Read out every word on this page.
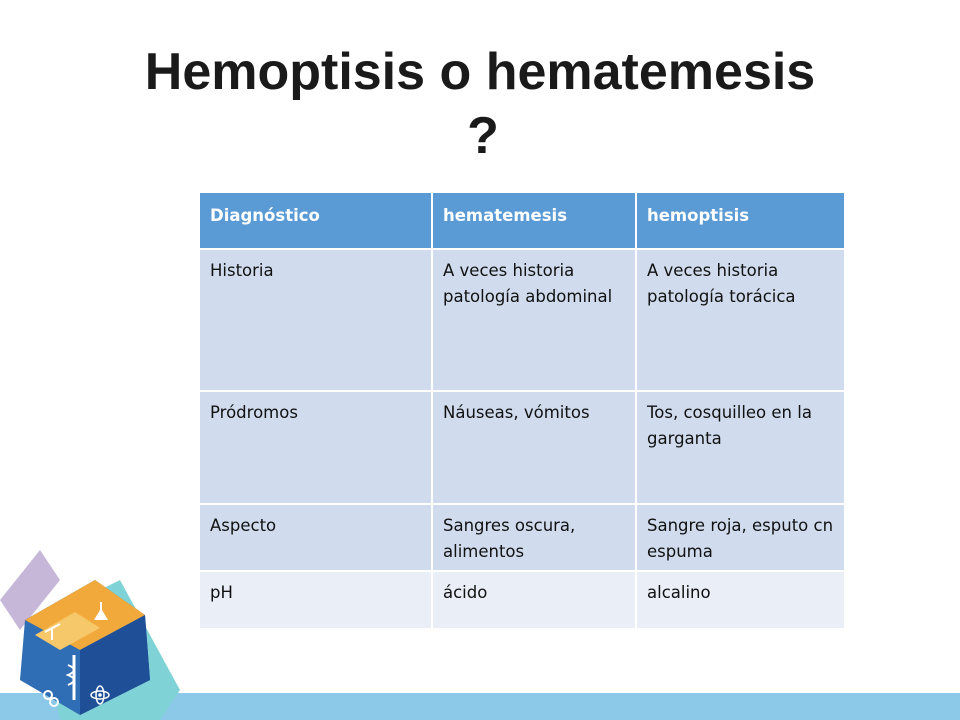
Hemoptisis o hematemesis
?
Diagnóstico	hematemesis	hemoptisis
Historia	A veces historia patología abdominal	A veces historia patología torácica
Pródromos	Náuseas, vómitos	Tos, cosquilleo en la garganta
Aspecto	Sangres oscura, alimentos	Sangre roja, esputo cn espuma
pH	ácido	alcalino
